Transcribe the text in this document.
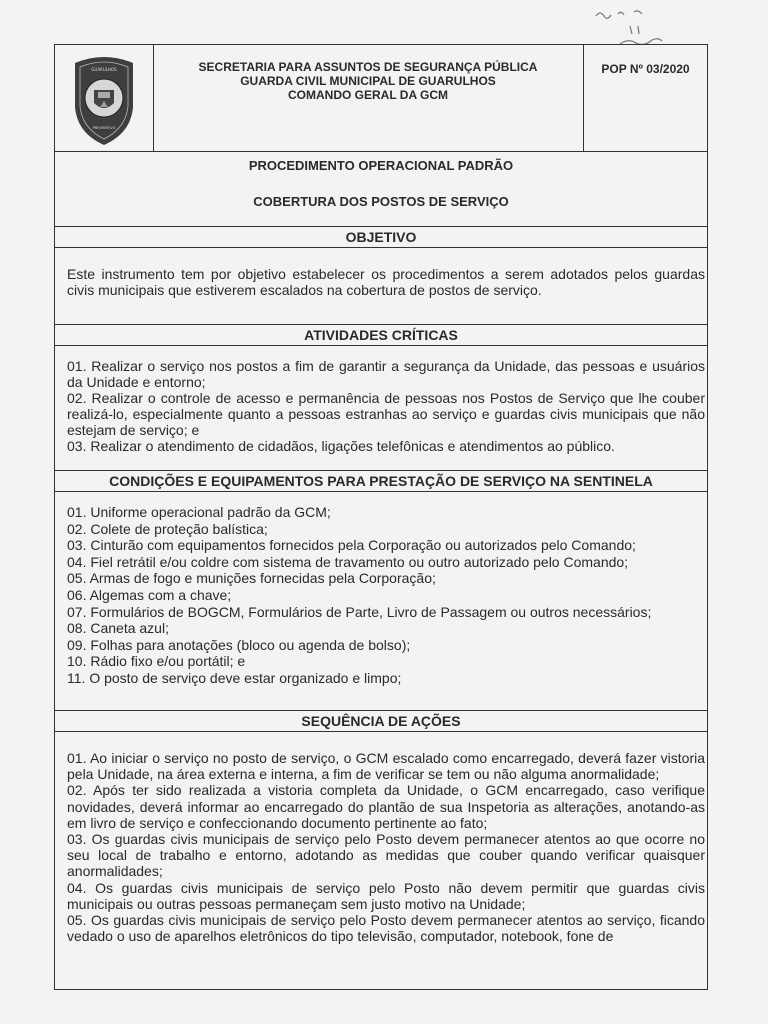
GUARULHOS
PREVENTIVO
SECRETARIA PARA ASSUNTOS DE SEGURANÇA PÚBLICA
GUARDA CIVIL MUNICIPAL DE GUARULHOS
COMANDO GERAL DA GCM
POP Nº 03/2020
PROCEDIMENTO OPERACIONAL PADRÃO
COBERTURA DOS POSTOS DE SERVIÇO
OBJETIVO

Este instrumento tem por objetivo estabelecer os procedimentos a serem adotados pelos guardas civis municipais que estiverem escalados na cobertura de postos de serviço.

ATIVIDADES CRÍTICAS

01. Realizar o serviço nos postos a fim de garantir a segurança da Unidade, das pessoas e usuários da Unidade e entorno;

02. Realizar o controle de acesso e permanência de pessoas nos Postos de Serviço que lhe couber realizá-lo, especialmente quanto a pessoas estranhas ao serviço e guardas civis municipais que não estejam de serviço; e

03. Realizar o atendimento de cidadãos, ligações telefônicas e atendimentos ao público.

CONDIÇÕES E EQUIPAMENTOS PARA PRESTAÇÃO DE SERVIÇO NA SENTINELA

01. Uniforme operacional padrão da GCM;

02. Colete de proteção balística;

03. Cinturão com equipamentos fornecidos pela Corporação ou autorizados pelo Comando;

04. Fiel retrátil e/ou coldre com sistema de travamento ou outro autorizado pelo Comando;

05. Armas de fogo e munições fornecidas pela Corporação;

06. Algemas com a chave;

07. Formulários de BOGCM, Formulários de Parte, Livro de Passagem ou outros necessários;

08. Caneta azul;

09. Folhas para anotações (bloco ou agenda de bolso);

10. Rádio fixo e/ou portátil; e

11. O posto de serviço deve estar organizado e limpo;

SEQUÊNCIA DE AÇÕES

01. Ao iniciar o serviço no posto de serviço, o GCM escalado como encarregado, deverá fazer vistoria pela Unidade, na área externa e interna, a fim de verificar se tem ou não alguma anormalidade;

02. Após ter sido realizada a vistoria completa da Unidade, o GCM encarregado, caso verifique novidades, deverá informar ao encarregado do plantão de sua Inspetoria as alterações, anotando-as em livro de serviço e confeccionando documento pertinente ao fato;

03. Os guardas civis municipais de serviço pelo Posto devem permanecer atentos ao que ocorre no seu local de trabalho e entorno, adotando as medidas que couber quando verificar quaisquer anormalidades;

04. Os guardas civis municipais de serviço pelo Posto não devem permitir que guardas civis municipais ou outras pessoas permaneçam sem justo motivo na Unidade;

05. Os guardas civis municipais de serviço pelo Posto devem permanecer atentos ao serviço, ficando vedado o uso de aparelhos eletrônicos do tipo televisão, computador, notebook, fone de
